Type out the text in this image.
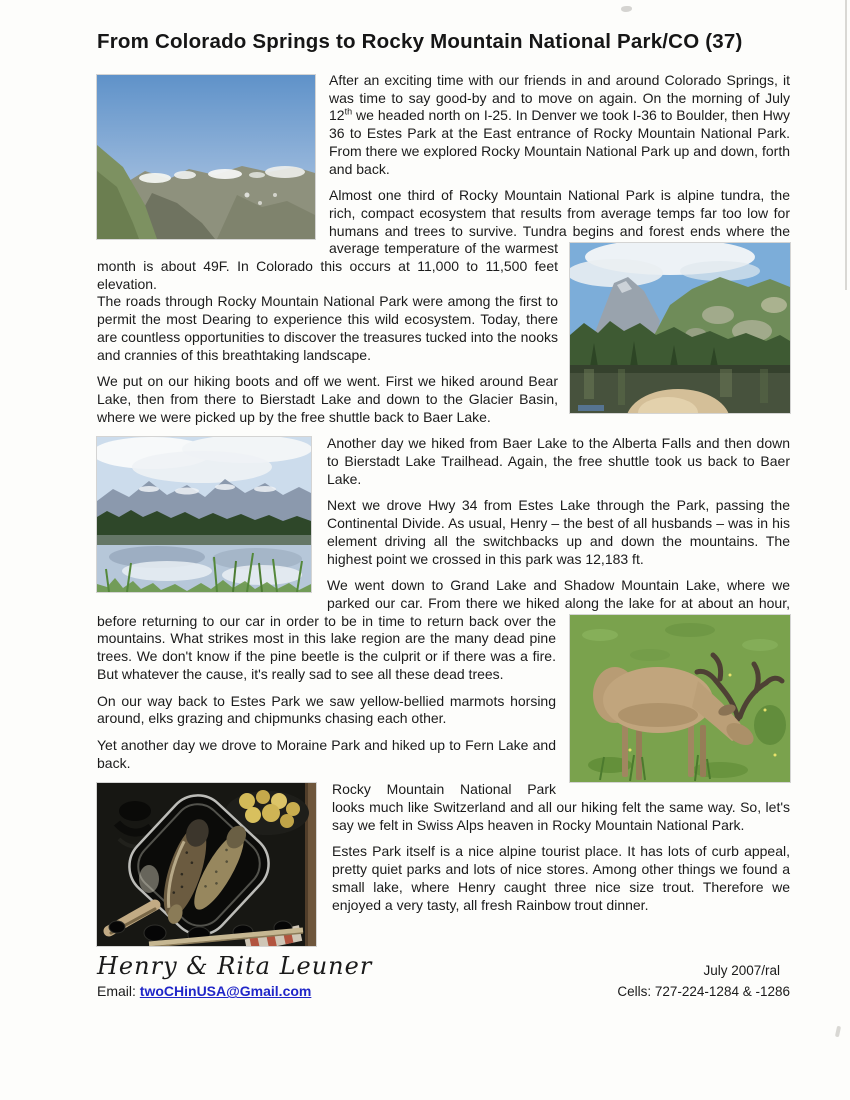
From Colorado Springs to Rocky Mountain National Park/CO (37)

After an exciting time with our friends in and around Colorado Springs, it was time to say good-by and to move on again. On the morning of July 12th we headed north on I-25. In Denver we took I-36 to Boulder, then Hwy 36 to Estes Park at the East entrance of Rocky Mountain National Park. From there we explored Rocky Mountain National Park up and down, forth and back.

Almost one third of Rocky Mountain National Park is alpine tundra, the rich, compact ecosystem that results from average temps far too low for humans and trees to survive. Tundra begins and forest
ends where the average temperature of the warmest month is about 49F. In Colorado this occurs at 11,000 to 11,500 feet elevation.
The roads through Rocky Mountain National Park were among the first to permit the most Dearing to experience this wild ecosystem. Today, there are countless opportunities to discover the treasures tucked into the nooks and crannies of this breathtaking landscape.

We put on our hiking boots and off we went. First we hiked around Bear Lake, then from there to Bierstadt Lake and down to the Glacier Basin, where we were picked up by the free shuttle back to Baer Lake.

Another day we hiked from Baer Lake to the Alberta Falls and then down to Bierstadt Lake Trailhead. Again, the free shuttle took us back to Baer Lake.

Next we drove Hwy 34 from Estes Lake through the Park, passing the Continental Divide. As usual, Henry – the best of all husbands – was in his element driving all the switchbacks up and down the mountains. The highest point we crossed in this park was 12,183 ft.

We went down to Grand Lake and Shadow Mountain Lake, where we parked our car. From there we hiked along the lake for at about an hour, before returning to our
car in order to be in time to return back over the mountains. What strikes most in this lake region are the many dead pine trees. We don't know if the pine beetle is the culprit or if there was a fire. But whatever the cause, it's really sad to see all these dead trees.

On our way back to Estes Park we saw yellow-bellied marmots horsing around, elks grazing and chipmunks chasing each other.

Yet another day we drove to Moraine Park and hiked up to Fern Lake and back.

Rocky Mountain National Park looks much like Switzerland and all our hiking felt the same way. So, let's say we felt in Swiss Alps heaven in Rocky Mountain National Park.

Estes Park itself is a nice alpine tourist place. It has lots of curb appeal, pretty quiet parks and lots of nice stores. Among other things we found a small lake, where Henry caught three nice size trout. Therefore we enjoyed a very tasty, all fresh Rainbow trout dinner.

Henry & Rita Leuner
Email: twoCHinUSA@Gmail.com
July 2007/ral
Cells: 727-224-1284 & -1286
